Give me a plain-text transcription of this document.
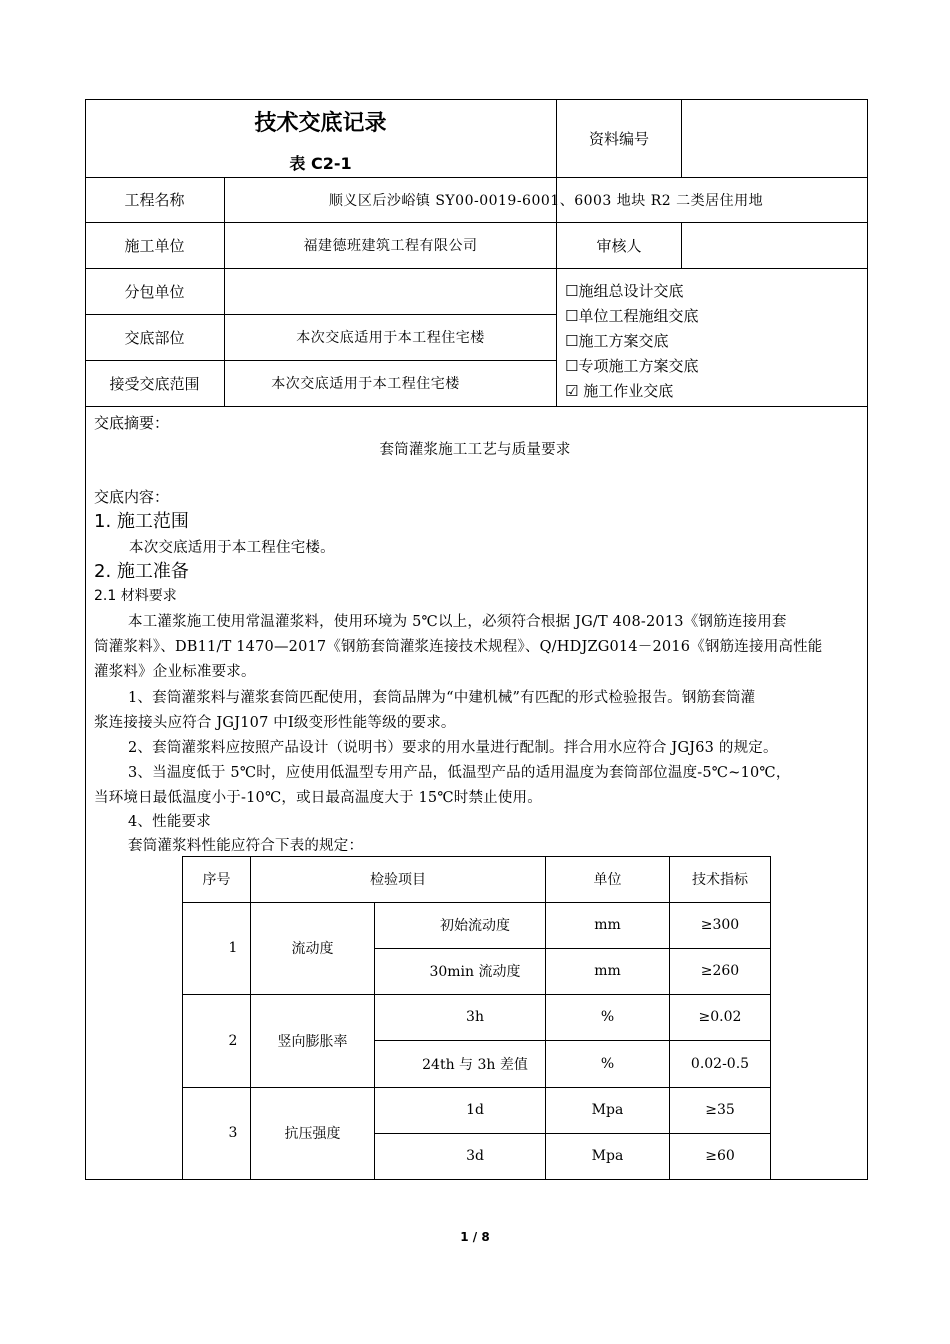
技术交底记录
表 C2-1
资料编号
工程名称	顺义区后沙峪镇 SY00-0019-6001、6003 地块 R2 二类居住用地
施工单位	福建德班建筑工程有限公司	审核人
分包单位
交底部位	本次交底适用于本工程住宅楼
接受交底范围	本次交底适用于本工程住宅楼
☐施组总设计交底
☐单位工程施组交底
☐施工方案交底
☐专项施工方案交底
☑ 施工作业交底
交底摘要：
套筒灌浆施工工艺与质量要求
交底内容：
1. 施工范围
本次交底适用于本工程住宅楼。
2. 施工准备
2.1 材料要求
本工灌浆施工使用常温灌浆料，使用环境为 5℃以上，必须符合根据 JG/T 408-2013《钢筋连接用套
筒灌浆料》、DB11/T 1470—2017《钢筋套筒灌浆连接技术规程》、Q/HDJZG014－2016《钢筋连接用高性能
灌浆料》企业标准要求。
1、套筒灌浆料与灌浆套筒匹配使用，套筒品牌为“中建机械”有匹配的形式检验报告。钢筋套筒灌
浆连接接头应符合 JGJ107 中Ⅰ级变形性能等级的要求。
2、套筒灌浆料应按照产品设计（说明书）要求的用水量进行配制。拌合用水应符合 JGJ63 的规定。
3、当温度低于 5℃时，应使用低温型专用产品，低温型产品的适用温度为套筒部位温度-5℃~10℃，
当环境日最低温度小于-10℃，或日最高温度大于 15℃时禁止使用。
4、性能要求
套筒灌浆料性能应符合下表的规定：
序号	检验项目	单位	技术指标
1	流动度
初始流动度	mm	≥300
30min 流动度	mm	≥260
2	竖向膨胀率
3h	%	≥0.02
24th 与 3h 差值	%	0.02-0.5
3	抗压强度
1d	Mpa	≥35
3d	Mpa	≥60
1 / 8
